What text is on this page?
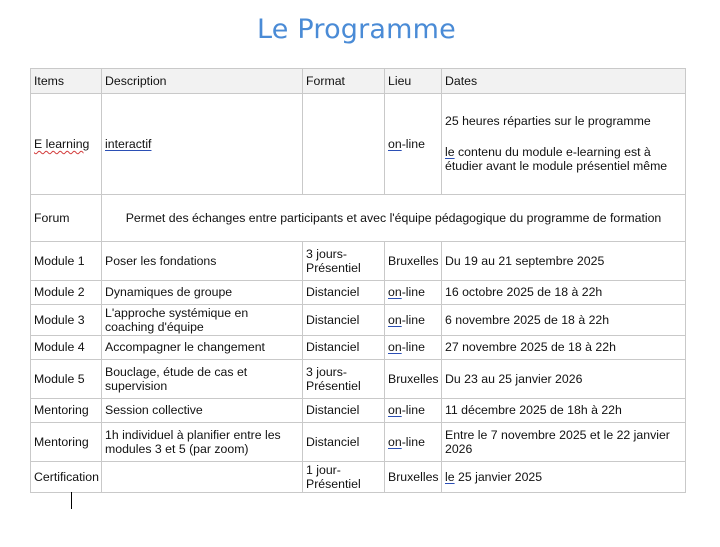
Le Programme
Items	Description	Format	Lieu	Dates
E learning	interactif		on-line	25 heures réparties sur le programme
le contenu du module e-learning est à étudier avant le module présentiel même

Forum	Permet des échanges entre participants et avec l'équipe pédagogique du programme de formation			
Module 1	Poser les fondations	3 jours-Présentiel	Bruxelles	Du 19 au 21 septembre 2025
Module 2	Dynamiques de groupe	Distanciel	on-line	16 octobre 2025 de 18 à 22h
Module 3	L'approche systémique en coaching d'équipe	Distanciel	on-line	6 novembre 2025 de 18 à 22h
Module 4	Accompagner le changement	Distanciel	on-line	27 novembre 2025 de 18 à 22h
Module 5	Bouclage, étude de cas et supervision	3 jours-Présentiel	Bruxelles	Du 23 au 25 janvier 2026
Mentoring	Session collective	Distanciel	on-line	11 décembre 2025 de 18h à 22h
Mentoring	1h individuel à planifier entre les modules 3 et 5 (par zoom)	Distanciel	on-line	Entre le 7 novembre 2025 et le 22 janvier 2026
Certification		1 jour-Présentiel	Bruxelles	le 25 janvier 2025
